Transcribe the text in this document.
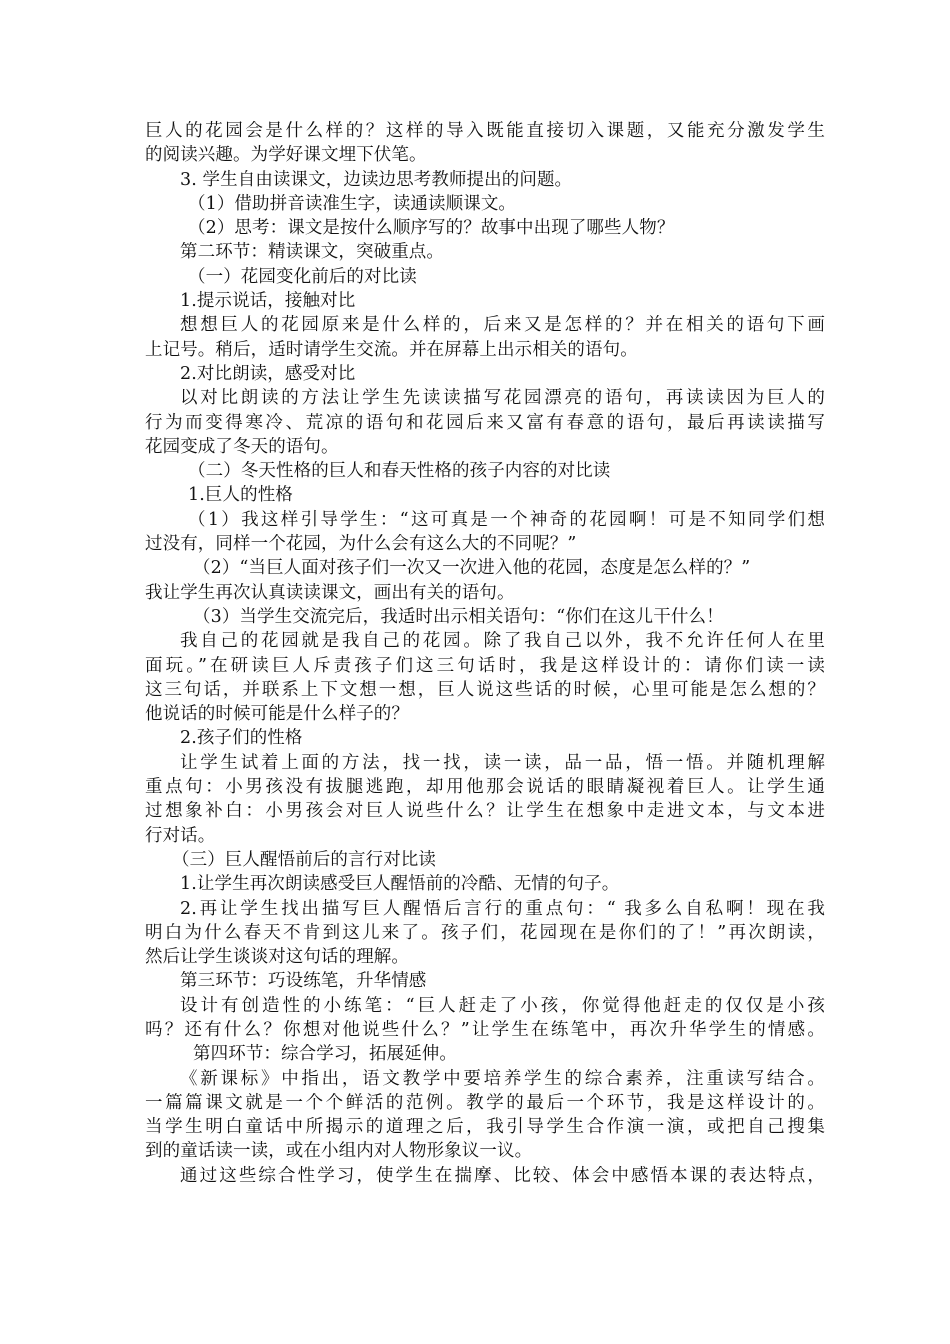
巨人的花园会是什么样的？这样的导入既能直接切入课题，又能充分激发学生
的阅读兴趣。为学好课文埋下伏笔。
3. 学生自由读课文，边读边思考教师提出的问题。
（1）借助拼音读准生字，读通读顺课文。
（2）思考：课文是按什么顺序写的？故事中出现了哪些人物？
第二环节：精读课文，突破重点。
（一）花园变化前后的对比读
1.提示说话，接触对比
想想巨人的花园原来是什么样的，后来又是怎样的？并在相关的语句下画
上记号。稍后，适时请学生交流。并在屏幕上出示相关的语句。
2.对比朗读，感受对比
以对比朗读的方法让学生先读读描写花园漂亮的语句，再读读因为巨人的
行为而变得寒冷、荒凉的语句和花园后来又富有春意的语句，最后再读读描写
花园变成了冬天的语句。
（二）冬天性格的巨人和春天性格的孩子内容的对比读
1.巨人的性格
（1）我这样引导学生：“这可真是一个神奇的花园啊！可是不知同学们想
过没有，同样一个花园，为什么会有这么大的不同呢？”
（2）“当巨人面对孩子们一次又一次进入他的花园，态度是怎么样的？”
我让学生再次认真读读课文，画出有关的语句。
（3）当学生交流完后，我适时出示相关语句：“你们在这儿干什么！
我自己的花园就是我自己的花园。除了我自己以外，我不允许任何人在里
面玩。”在研读巨人斥责孩子们这三句话时，我是这样设计的：请你们读一读
这三句话，并联系上下文想一想，巨人说这些话的时候，心里可能是怎么想的？
他说话的时候可能是什么样子的？
2.孩子们的性格
让学生试着上面的方法，找一找，读一读，品一品，悟一悟。并随机理解
重点句：小男孩没有拔腿逃跑，却用他那会说话的眼睛凝视着巨人。让学生通
过想象补白：小男孩会对巨人说些什么？让学生在想象中走进文本，与文本进
行对话。
（三）巨人醒悟前后的言行对比读
1.让学生再次朗读感受巨人醒悟前的冷酷、无情的句子。
2.再让学生找出描写巨人醒悟后言行的重点句：“ 我多么自私啊！现在我
明白为什么春天不肯到这儿来了。孩子们，花园现在是你们的了！”再次朗读，
然后让学生谈谈对这句话的理解。
第三环节：巧设练笔，升华情感
设计有创造性的小练笔：“巨人赶走了小孩，你觉得他赶走的仅仅是小孩
吗？还有什么？你想对他说些什么？”让学生在练笔中，再次升华学生的情感。
第四环节：综合学习，拓展延伸。
《新课标》中指出，语文教学中要培养学生的综合素养，注重读写结合。
一篇篇课文就是一个个鲜活的范例。教学的最后一个环节，我是这样设计的。
当学生明白童话中所揭示的道理之后，我引导学生合作演一演，或把自己搜集
到的童话读一读，或在小组内对人物形象议一议。
通过这些综合性学习，使学生在揣摩、比较、体会中感悟本课的表达特点，
